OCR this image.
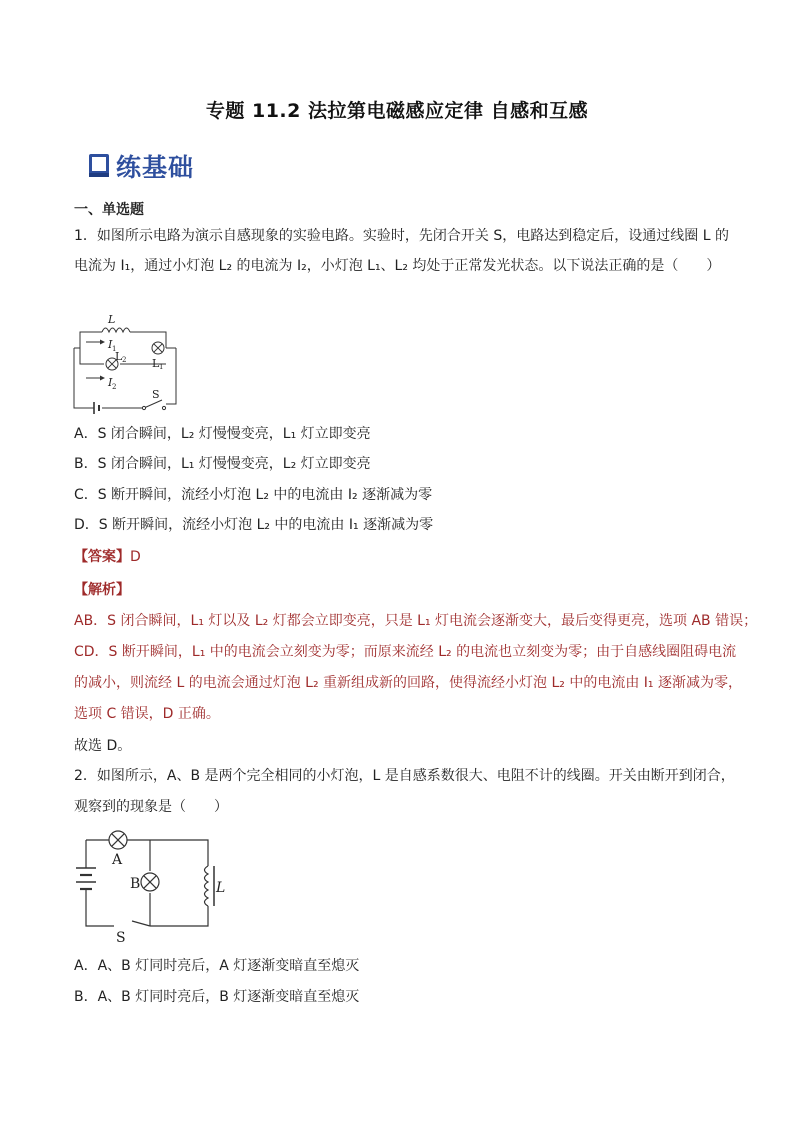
专题 11.2 法拉第电磁感应定律 自感和互感
练基础
一、单选题
1．如图所示电路为演示自感现象的实验电路。实验时，先闭合开关 S，电路达到稳定后，设通过线圈 L 的
电流为 I₁，通过小灯泡 L₂ 的电流为 I₂，小灯泡 L₁、L₂ 均处于正常发光状态。以下说法正确的是（　　）
L
I 1
I 2
L 2 L 1
S
A．S 闭合瞬间，L₂ 灯慢慢变亮，L₁ 灯立即变亮
B．S 闭合瞬间，L₁ 灯慢慢变亮，L₂ 灯立即变亮
C．S 断开瞬间，流经小灯泡 L₂ 中的电流由 I₂ 逐渐减为零
D．S 断开瞬间，流经小灯泡 L₂ 中的电流由 I₁ 逐渐减为零
【答案】D
【解析】
AB．S 闭合瞬间，L₁ 灯以及 L₂ 灯都会立即变亮，只是 L₁ 灯电流会逐渐变大，最后变得更亮，选项 AB 错误；
CD．S 断开瞬间，L₁ 中的电流会立刻变为零；而原来流经 L₂ 的电流也立刻变为零；由于自感线圈阻碍电流
的减小，则流经 L 的电流会通过灯泡 L₂ 重新组成新的回路，使得流经小灯泡 L₂ 中的电流由 I₁ 逐渐减为零，
选项 C 错误，D 正确。
故选 D。
2．如图所示，A、B 是两个完全相同的小灯泡，L 是自感系数很大、电阻不计的线圈。开关由断开到闭合，
观察到的现象是（　　）
A
B	L
S
A．A、B 灯同时亮后，A 灯逐渐变暗直至熄灭
B．A、B 灯同时亮后，B 灯逐渐变暗直至熄灭
